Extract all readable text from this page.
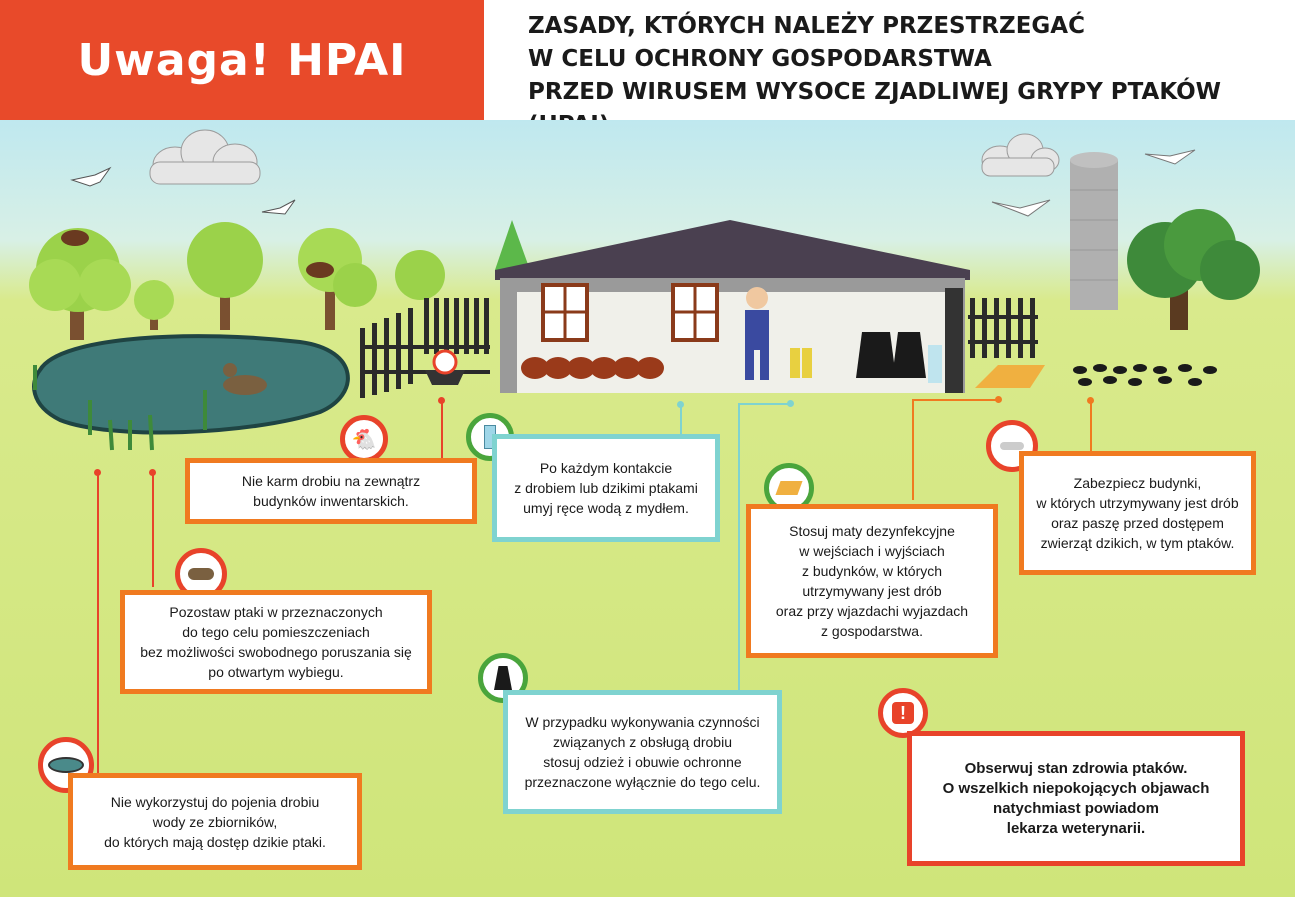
Uwaga! HPAI
ZASADY, KTÓRYCH NALEŻY PRZESTRZEGAĆ
W CELU OCHRONY GOSPODARSTWA
PRZED WIRUSEM WYSOCE ZJADLIWEJ GRYPY PTAKÓW
🐔
!
Nie karm drobiu na zewnątrz
budynków inwentarskich.
Po każdym kontakcie
z drobiem lub dzikimi ptakami
umyj ręce wodą z mydłem.
Stosuj maty dezynfekcyjne
w wejściach i wyjściach
z budynków, w których
utrzymywany jest drób
oraz przy wjazdachi wyjazdach
z gospodarstwa.
Zabezpiecz budynki,
w których utrzymywany jest drób
oraz paszę przed dostępem
zwierząt dzikich, w tym ptaków.
Pozostaw ptaki w przeznaczonych
do tego celu pomieszczeniach
bez możliwości swobodnego poruszania się
po otwartym wybiegu.
W przypadku wykonywania czynności
związanych z obsługą drobiu
stosuj odzież i obuwie ochronne
przeznaczone wyłącznie do tego celu.
Nie wykorzystuj do pojenia drobiu
wody ze zbiorników,
do których mają dostęp dzikie ptaki.
Obserwuj stan zdrowia ptaków.
O wszelkich niepokojących objawach
natychmiast powiadom
lekarza weterynarii.
